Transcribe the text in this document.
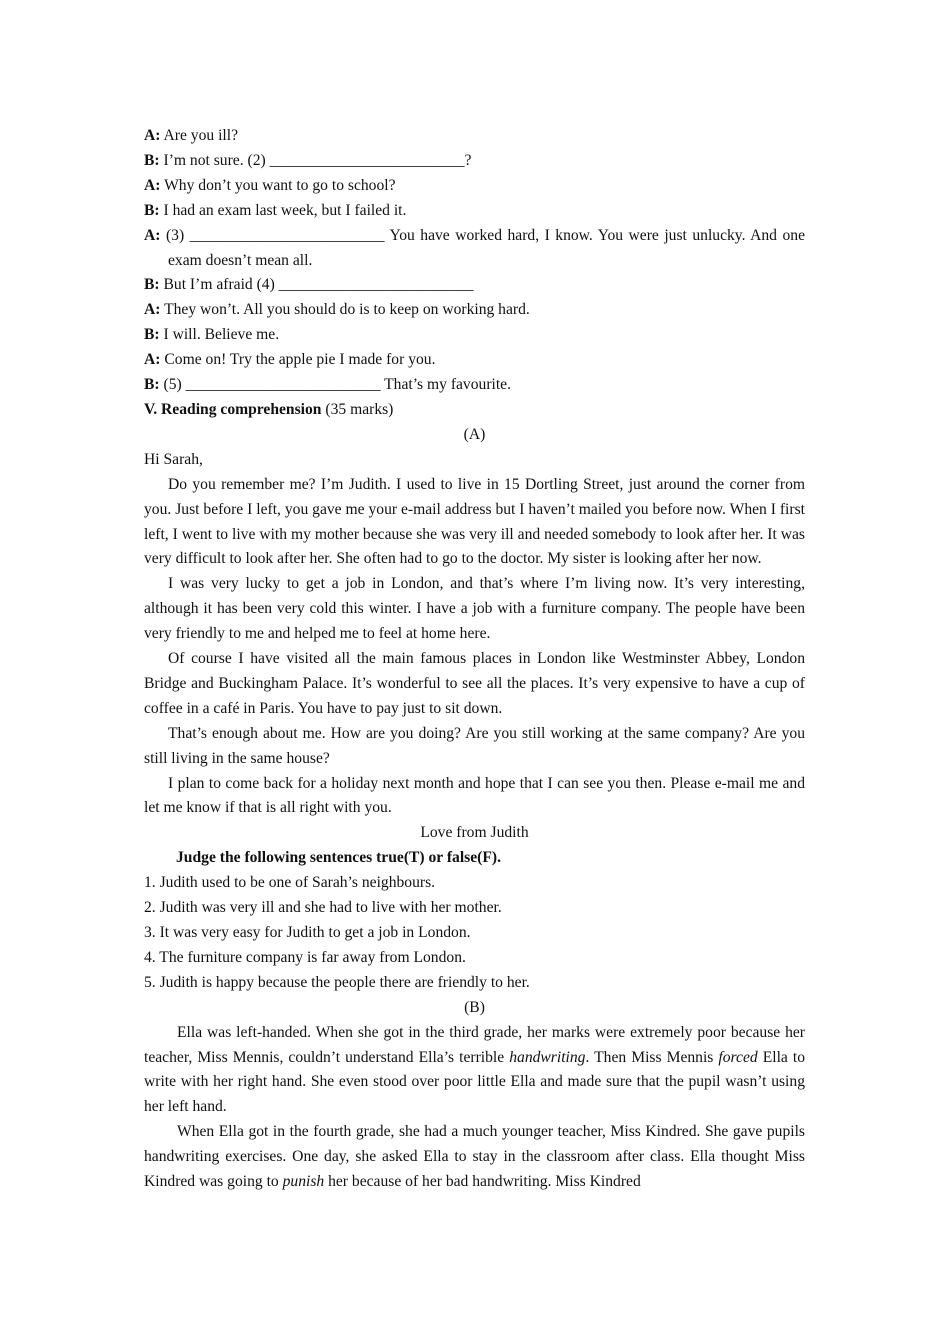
A: Are you ill?

B: I’m not sure. (2) _________________________?

A: Why don’t you want to go to school?

B: I had an exam last week, but I failed it.

A: (3) _________________________ You have worked hard, I know. You were just unlucky. And one exam doesn’t mean all.

B: But I’m afraid (4) _________________________

A: They won’t. All you should do is to keep on working hard.

B: I will. Believe me.

A: Come on! Try the apple pie I made for you.

B: (5) _________________________ That’s my favourite.

V. Reading comprehension (35 marks)

(A)

Hi Sarah,

Do you remember me? I’m Judith. I used to live in 15 Dortling Street, just around the corner from you. Just before I left, you gave me your e-mail address but I haven’t mailed you before now. When I first left, I went to live with my mother because she was very ill and needed somebody to look after her. It was very difficult to look after her. She often had to go to the doctor. My sister is looking after her now.

I was very lucky to get a job in London, and that’s where I’m living now. It’s very interesting, although it has been very cold this winter. I have a job with a furniture company. The people have been very friendly to me and helped me to feel at home here.

Of course I have visited all the main famous places in London like Westminster Abbey, London Bridge and Buckingham Palace. It’s wonderful to see all the places. It’s very expensive to have a cup of coffee in a café in Paris. You have to pay just to sit down.

That’s enough about me. How are you doing? Are you still working at the same company? Are you still living in the same house?

I plan to come back for a holiday next month and hope that I can see you then. Please e-mail me and let me know if that is all right with you.

Love from Judith

Judge the following sentences true(T) or false(F).

1. Judith used to be one of Sarah’s neighbours.

2. Judith was very ill and she had to live with her mother.

3. It was very easy for Judith to get a job in London.

4. The furniture company is far away from London.

5. Judith is happy because the people there are friendly to her.

(B)

Ella was left-handed. When she got in the third grade, her marks were extremely poor because her teacher, Miss Mennis, couldn’t understand Ella’s terrible handwriting. Then Miss Mennis forced Ella to write with her right hand. She even stood over poor little Ella and made sure that the pupil wasn’t using her left hand.

When Ella got in the fourth grade, she had a much younger teacher, Miss Kindred. She gave pupils handwriting exercises. One day, she asked Ella to stay in the classroom after class. Ella thought Miss Kindred was going to punish her because of her bad handwriting. Miss Kindred
